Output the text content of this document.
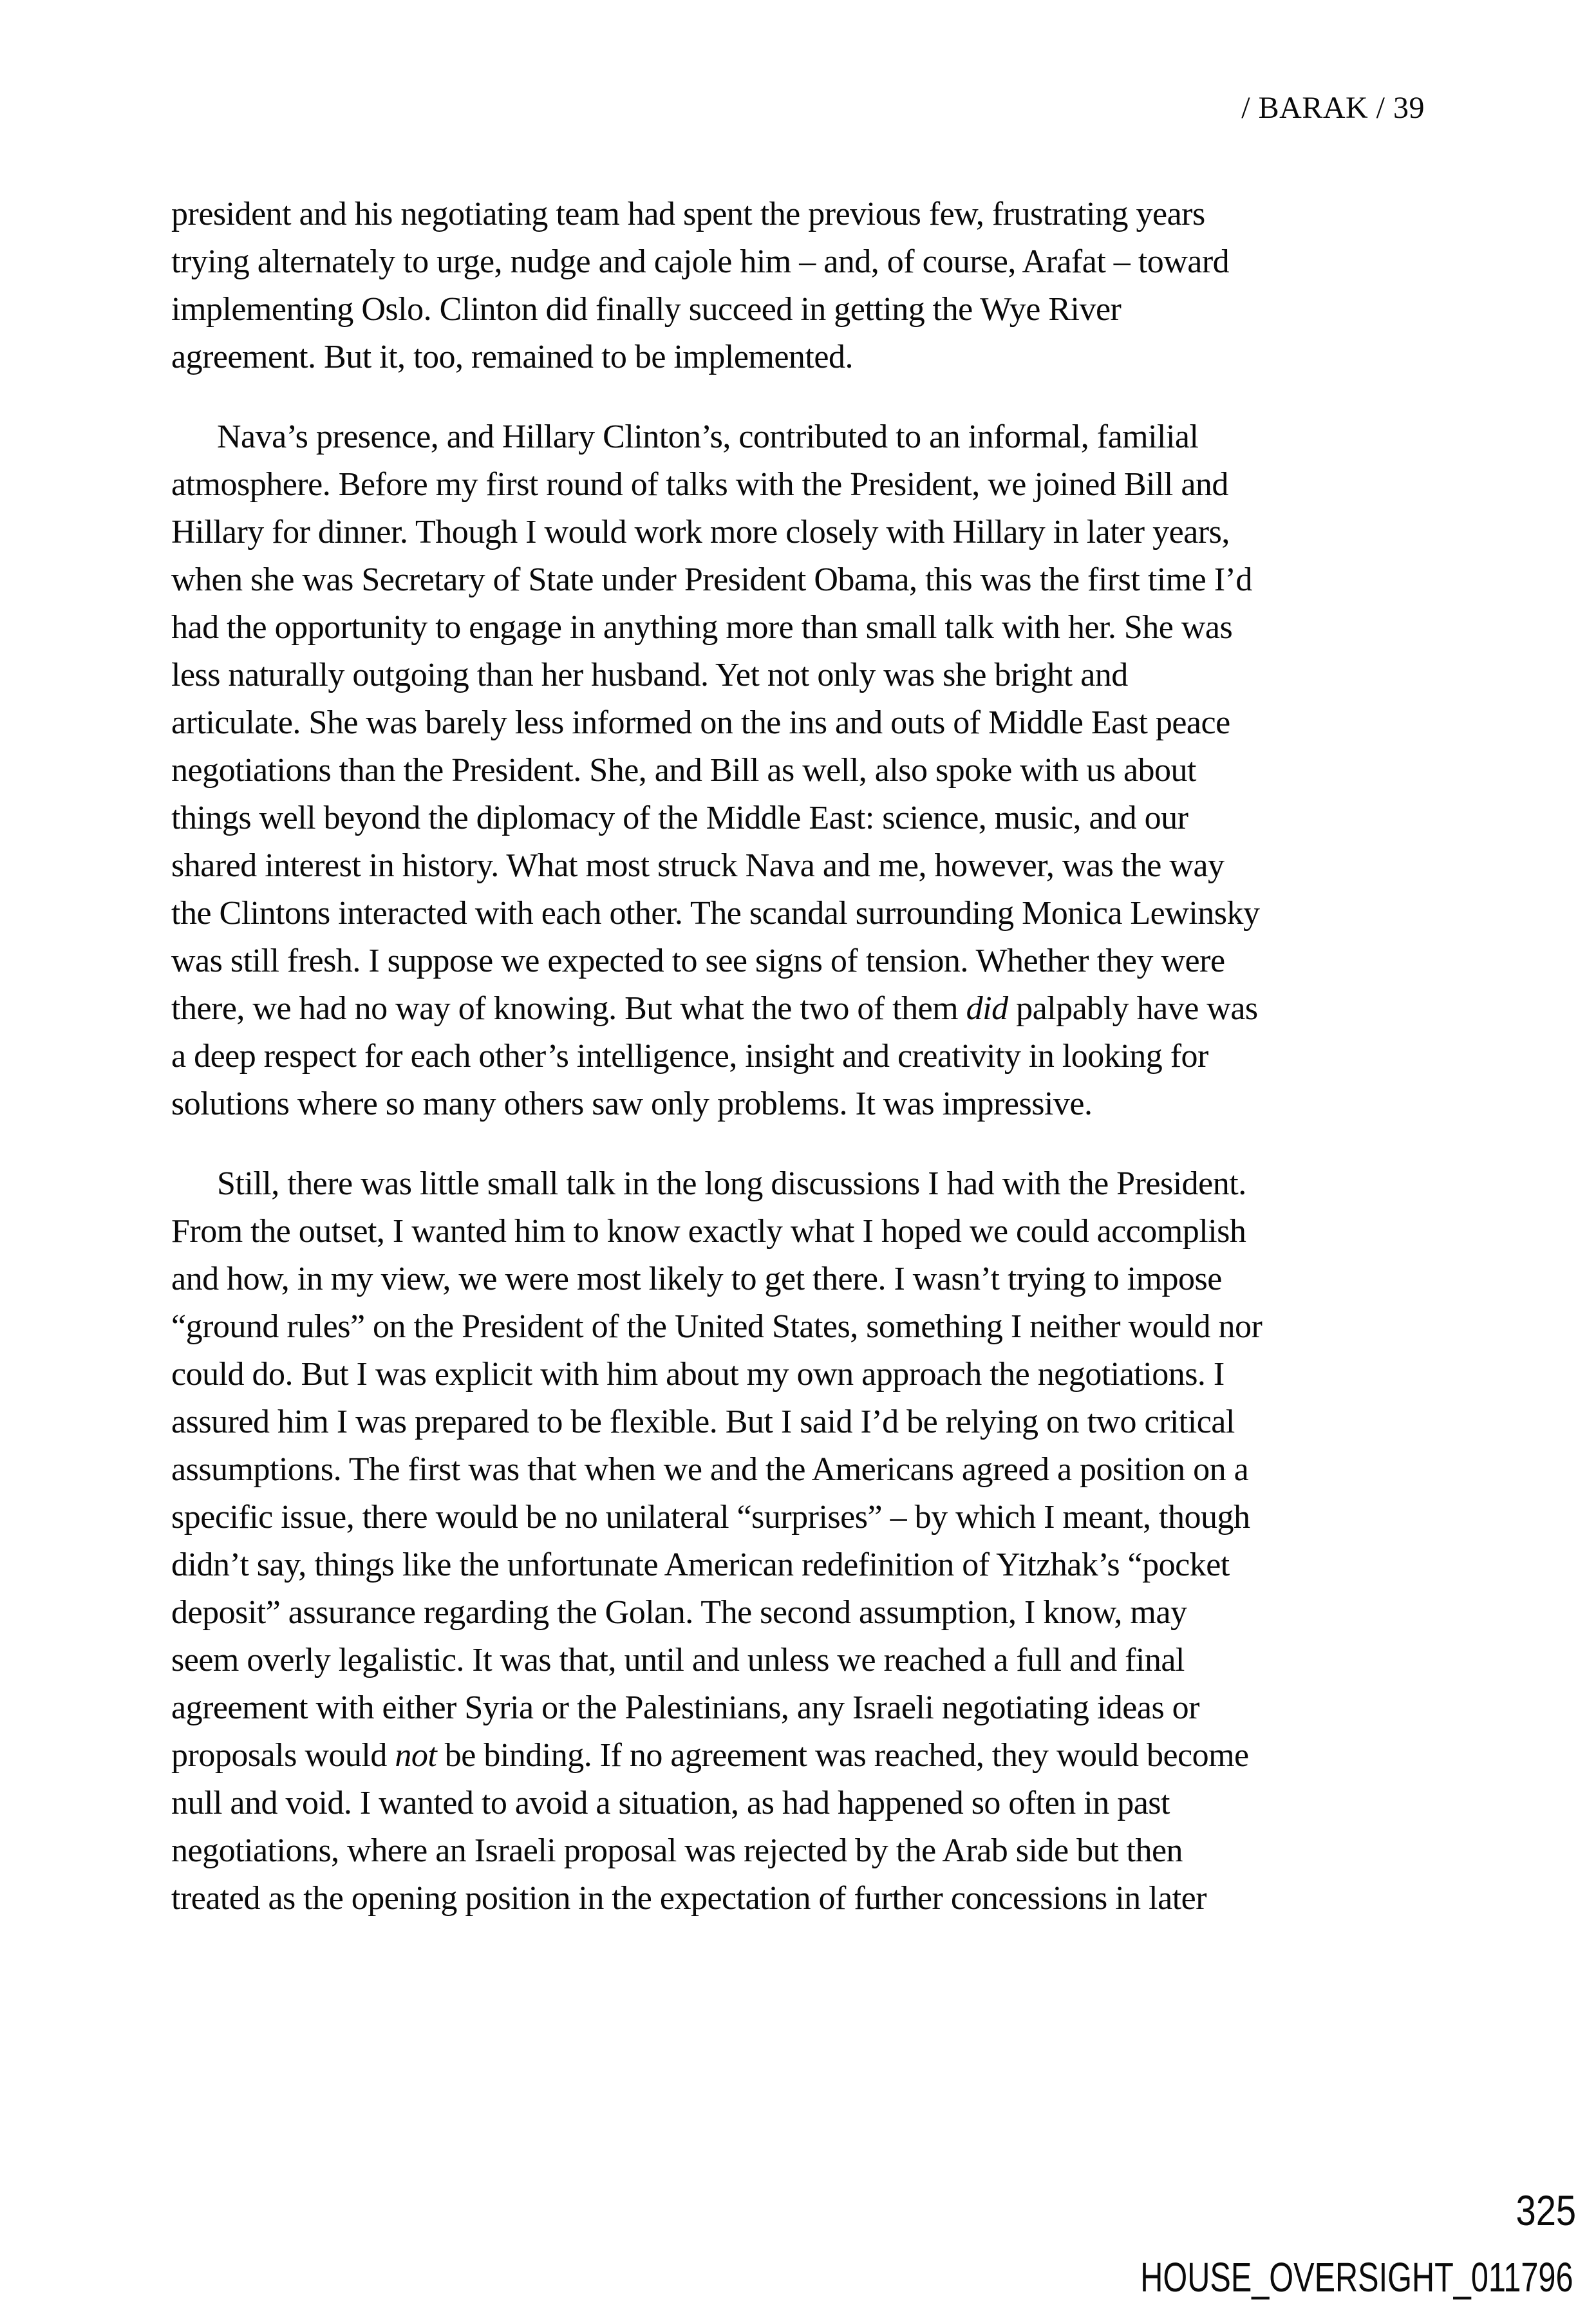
/ BARAK / 39

president and his negotiating team had spent the previous few, frustrating years
trying alternately to urge, nudge and cajole him – and, of course, Arafat – toward
implementing Oslo. Clinton did finally succeed in getting the Wye River
agreement. But it, too, remained to be implemented.

Nava’s presence, and Hillary Clinton’s, contributed to an informal, familial
atmosphere. Before my first round of talks with the President, we joined Bill and
Hillary for dinner. Though I would work more closely with Hillary in later years,
when she was Secretary of State under President Obama, this was the first time I’d
had the opportunity to engage in anything more than small talk with her. She was
less naturally outgoing than her husband. Yet not only was she bright and
articulate. She was barely less informed on the ins and outs of Middle East peace
negotiations than the President. She, and Bill as well, also spoke with us about
things well beyond the diplomacy of the Middle East: science, music, and our
shared interest in history. What most struck Nava and me, however, was the way
the Clintons interacted with each other. The scandal surrounding Monica Lewinsky
was still fresh. I suppose we expected to see signs of tension. Whether they were
there, we had no way of knowing. But what the two of them did palpably have was
a deep respect for each other’s intelligence, insight and creativity in looking for
solutions where so many others saw only problems. It was impressive.

Still, there was little small talk in the long discussions I had with the President.
From the outset, I wanted him to know exactly what I hoped we could accomplish
and how, in my view, we were most likely to get there. I wasn’t trying to impose
“ground rules” on the President of the United States, something I neither would nor
could do. But I was explicit with him about my own approach the negotiations. I
assured him I was prepared to be flexible. But I said I’d be relying on two critical
assumptions. The first was that when we and the Americans agreed a position on a
specific issue, there would be no unilateral “surprises” – by which I meant, though
didn’t say, things like the unfortunate American redefinition of Yitzhak’s “pocket
deposit” assurance regarding the Golan. The second assumption, I know, may
seem overly legalistic. It was that, until and unless we reached a full and final
agreement with either Syria or the Palestinians, any Israeli negotiating ideas or
proposals would not be binding. If no agreement was reached, they would become
null and void. I wanted to avoid a situation, as had happened so often in past
negotiations, where an Israeli proposal was rejected by the Arab side but then
treated as the opening position in the expectation of further concessions in later

325
HOUSE_OVERSIGHT_011796
